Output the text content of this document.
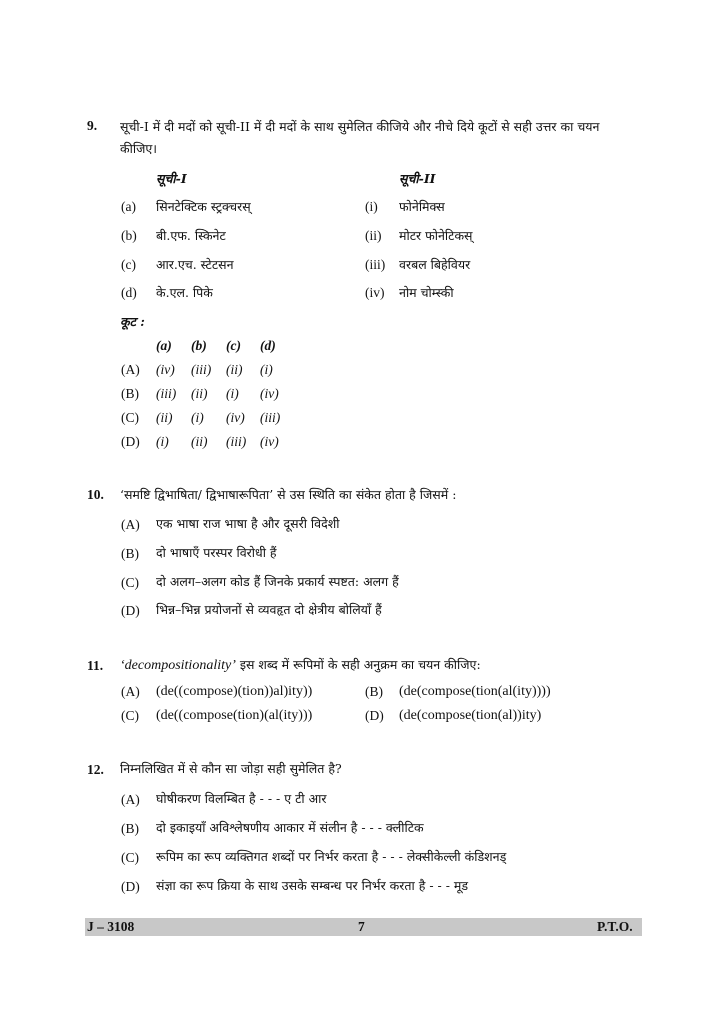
9. सूची-I में दी मदों को सूची-II में दी मदों के साथ सुमेलित कीजिये और नीचे दिये कूटों से सही उत्तर का चयन
कीजिए।
सूची-I	सूची-II
(a) सिनटेक्टिक स्ट्रक्चरस्	(i) फोनेमिक्स
(b) बी.एफ. स्किनेट	(ii) मोटर फोनेटिकस्
(c) आर.एच. स्टेटसन	(iii) वरबल बिहेवियर
(d) के.एल. पिके	(iv) नोम चोम्स्की
कूट :
(a) (b) (c) (d)
(A) (iv) (iii) (ii) (i)
(B) (iii) (ii) (i) (iv)
(C) (ii) (i) (iv) (iii)
(D) (i) (ii) (iii) (iv)
10. ‘समष्टि द्विभाषिता/ द्विभाषारूपिता’ से उस स्थिति का संकेत होता है जिसमें :
(A) एक भाषा राज भाषा है और दूसरी विदेशी
(B) दो भाषाएँ परस्पर विरोधी हैं
(C) दो अलग–अलग कोड हैं जिनके प्रकार्य स्पष्टत: अलग हैं
(D) भिन्न–भिन्न प्रयोजनों से व्यवहृत दो क्षेत्रीय बोलियाँ हैं
11. ‘decompositionality’ इस शब्द में रूपिमों के सही अनुक्रम का चयन कीजिए:
(A) (de((compose)(tion))al)ity))	(B) (de(compose(tion(al(ity))))
(C) (de((compose(tion)(al(ity)))	(D) (de(compose(tion(al))ity)
12. निम्नलिखित में से कौन सा जोड़ा सही सुमेलित है?
(A) घोषीकरण विलम्बित है - - - ए टी आर
(B) दो इकाइयाँ अविश्लेषणीय आकार में संलीन है - - - क्लीटिक
(C) रूपिम का रूप व्यक्तिगत शब्दों पर निर्भर करता है - - - लेक्सीकेल्ली कंडिशनड्
(D) संज्ञा का रूप क्रिया के साथ उसके सम्बन्ध पर निर्भर करता है - - - मूड
J – 3108	7	P.T.O.
